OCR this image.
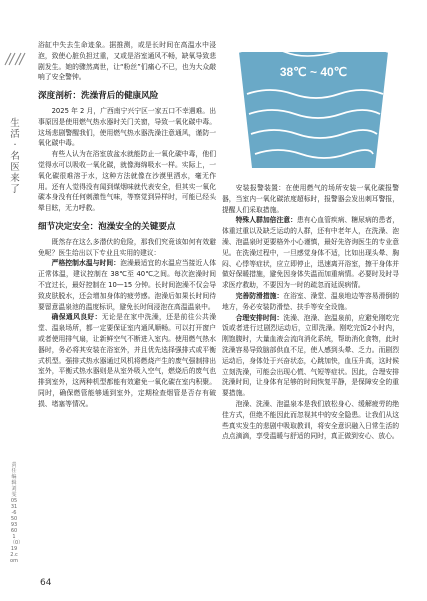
生活·名医来了
责任编辑 刘雯 0531-65093601（0）192.com
64

浴缸中失去生命迹象。据推测，或是长时间在高温水中浸泡，致使心脏负担过重，又或是浴室通风不畅，缺氧导致悲剧发生。她的骤然离世，让“粉丝”们痛心不已，也为大众敲响了安全警钟。

深度剖析：洗澡背后的健康风险

2025 年 2 月，广西南宁兴宁区一家五口不幸遇难。出事原因是使用燃气热水器时关门关窗，导致一氧化碳中毒。这场悲剧警醒我们，使用燃气热水器洗澡注意通风，谨防一氧化碳中毒。

有些人认为在浴室放盆水就能防止一氧化碳中毒，他们觉得水可以吸收一氧化碳，就像海绵吸水一样。实际上，一氧化碳很难溶于水，这种方法就像在沙漠里洒水，毫无作用。还有人觉得没有闻到煤烟味就代表安全，但其实一氧化碳本身没有任何刺激性气味，等察觉到异样时，可能已经头晕目眩，无力呼救。

细节决定安全：泡澡安全的关键要点

既然存在这么多潜伏的危险，那我们究竟该如何有效避免呢？医生给出以下专业且实用的建议：

严格控制水温与时间：泡澡最适宜的水温应当接近人体正常体温，建议控制在 38℃至 40℃之间。每次泡澡时间不宜过长，最好控制在 10—15 分钟。长时间泡澡不仅会导致皮肤脱水，还会增加身体的疲劳感。泡澡后如果长时间待要留意温泉池的温度标识，避免长时间浸泡在高温温泉中。

确保通风良好：无论是在家中洗澡，还是前往公共澡堂、温泉场所，都一定要保证室内通风顺畅。可以打开窗户或者使用排气扇，让新鲜空气不断进入室内。使用燃气热水器时，务必将其安装在浴室外，并且优先选择强排式或平衡式机型。强排式热水器通过风机将燃烧产生的废气强制排出室外，平衡式热水器则是从室外吸入空气，燃烧后的废气也排到室外，这两种机型都能有效避免一氧化碳在室内积聚。同时，确保燃管能够通到室外，定期检查烟管是否存有破损、堵塞等情况。

38℃ ~ 40℃

安装报警装置：在使用燃气的场所安装一氧化碳报警器，当室内一氧化碳浓度超标时，报警器会发出刺耳警报，提醒人们采取措施。

特殊人群加倍注意：患有心血管疾病、糖尿病的患者，体重过重以及缺乏运动的人群，还有中老年人，在洗澡、泡澡、泡温泉时更要格外小心谨慎，最好先咨询医生的专业意见。在洗澡过程中，一旦感觉身体不适，比如出现头晕、胸闷、心悸等症状，应立即停止，迅速离开浴室，擦干身体并做好保暖措施，避免因身体失温而加重病情。必要时及时寻求医疗救助，不要因为一时的疏忽而延误病情。

完善防滑措施：在浴室、澡堂、温泉地边等容易滑倒的地方，务必安装防滑垫、扶手等安全设施。

合理安排时间：洗澡、泡澡、泡温泉前，应避免刚吃完饭或者进行过剧烈运动后，立即洗澡。刚吃完饭2小时内，刚饱腹时，大量血液会流向消化系统，帮助消化食物，此时洗澡容易导致脑部供血不足，使人感到头晕、乏力。而剧烈运动后，身体处于兴奋状态，心跳加快，血压升高，这时候立刻洗澡，可能会出现心慌、气短等症状。因此，合理安排洗澡时间，让身体有足够的时间恢复平静，是保障安全的重要措施。

泡澡、洗澡、泡温泉本是我们放松身心、缓解疲劳的绝佳方式，但绝不能因此而忽视其中的安全隐患。让我们从这些真实发生的悲剧中吸取教训，将安全意识融入日常生活的点点滴滴，享受温暖与舒适的同时，真正做到安心、放心。
